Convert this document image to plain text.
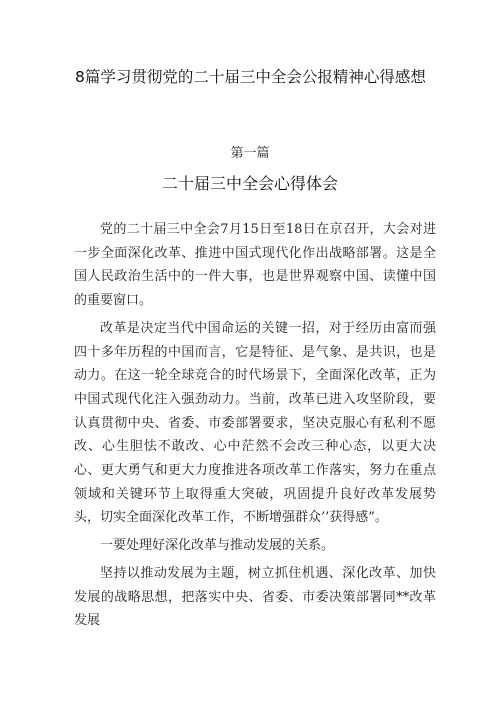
8篇学习贯彻党的二十届三中全会公报精神心得感想
第一篇
二十届三中全会心得体会

党的二十届三中全会7月15日至18日在京召开，大会对进一步全面深化改革、推进中国式现代化作出战略部署。这是全国人民政治生活中的一件大事，也是世界观察中国、读懂中国的重要窗口。

改革是决定当代中国命运的关键一招，对于经历由富而强四十多年历程的中国而言，它是特征、是气象、是共识，也是动力。在这一轮全球竞合的时代场景下，全面深化改革，正为中国式现代化注入强劲动力。当前，改革已进入攻坚阶段，要认真贯彻中央、省委、市委部署要求，坚决克服心有私利不愿改、心生胆怯不敢改、心中茫然不会改三种心态，以更大决心、更大勇气和更大力度推进各项改革工作落实，努力在重点领域和关键环节上取得重大突破，巩固提升良好改革发展势头，切实全面深化改革工作，不断增强群众’’获得感”。

一要处理好深化改革与推动发展的关系。

坚持以推动发展为主题，树立抓住机遇、深化改革、加快发展的战略思想，把落实中央、省委、市委决策部署同**改革发展
